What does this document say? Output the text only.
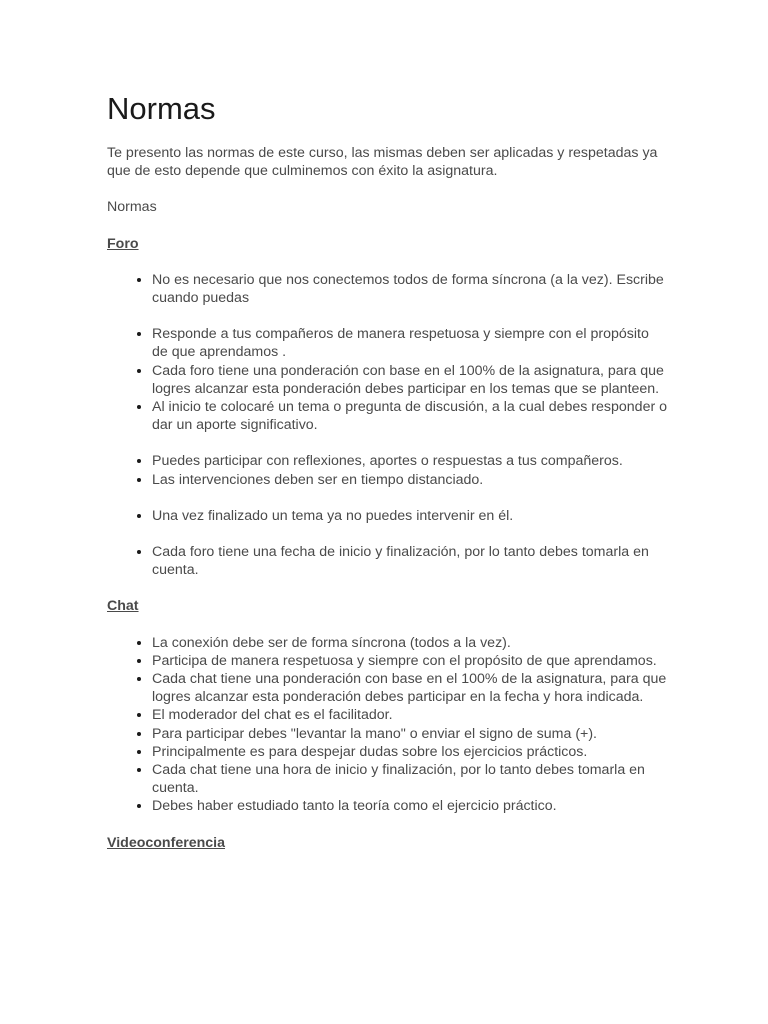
Normas

Te presento las normas de este curso, las mismas deben ser aplicadas y respetadas ya que de esto depende que culminemos con éxito la asignatura.

Normas

Foro
• No es necesario que nos conectemos todos de forma síncrona (a la vez). Escribe cuando puedas
• Responde a tus compañeros de manera respetuosa y siempre con el propósito de que aprendamos .
• Cada foro tiene una ponderación con base en el 100% de la asignatura, para que logres alcanzar esta ponderación debes participar en los temas que se planteen.
• Al inicio te colocaré un tema o pregunta de discusión, a la cual debes responder o dar un aporte significativo.
• Puedes participar con reflexiones, aportes o respuestas a tus compañeros.
• Las intervenciones deben ser en tiempo distanciado.
• Una vez finalizado un tema ya no puedes intervenir en él.
• Cada foro tiene una fecha de inicio y finalización, por lo tanto debes tomarla en cuenta.
Chat
• La conexión debe ser de forma síncrona (todos a la vez).
• Participa de manera respetuosa y siempre con el propósito de que aprendamos.
• Cada chat tiene una ponderación con base en el 100% de la asignatura, para que logres alcanzar esta ponderación debes participar en la fecha y hora indicada.
• El moderador del chat es el facilitador.
• Para participar debes "levantar la mano" o enviar el signo de suma (+).
• Principalmente es para despejar dudas sobre los ejercicios prácticos.
• Cada chat tiene una hora de inicio y finalización, por lo tanto debes tomarla en cuenta.
• Debes haber estudiado tanto la teoría como el ejercicio práctico.
Videoconferencia
